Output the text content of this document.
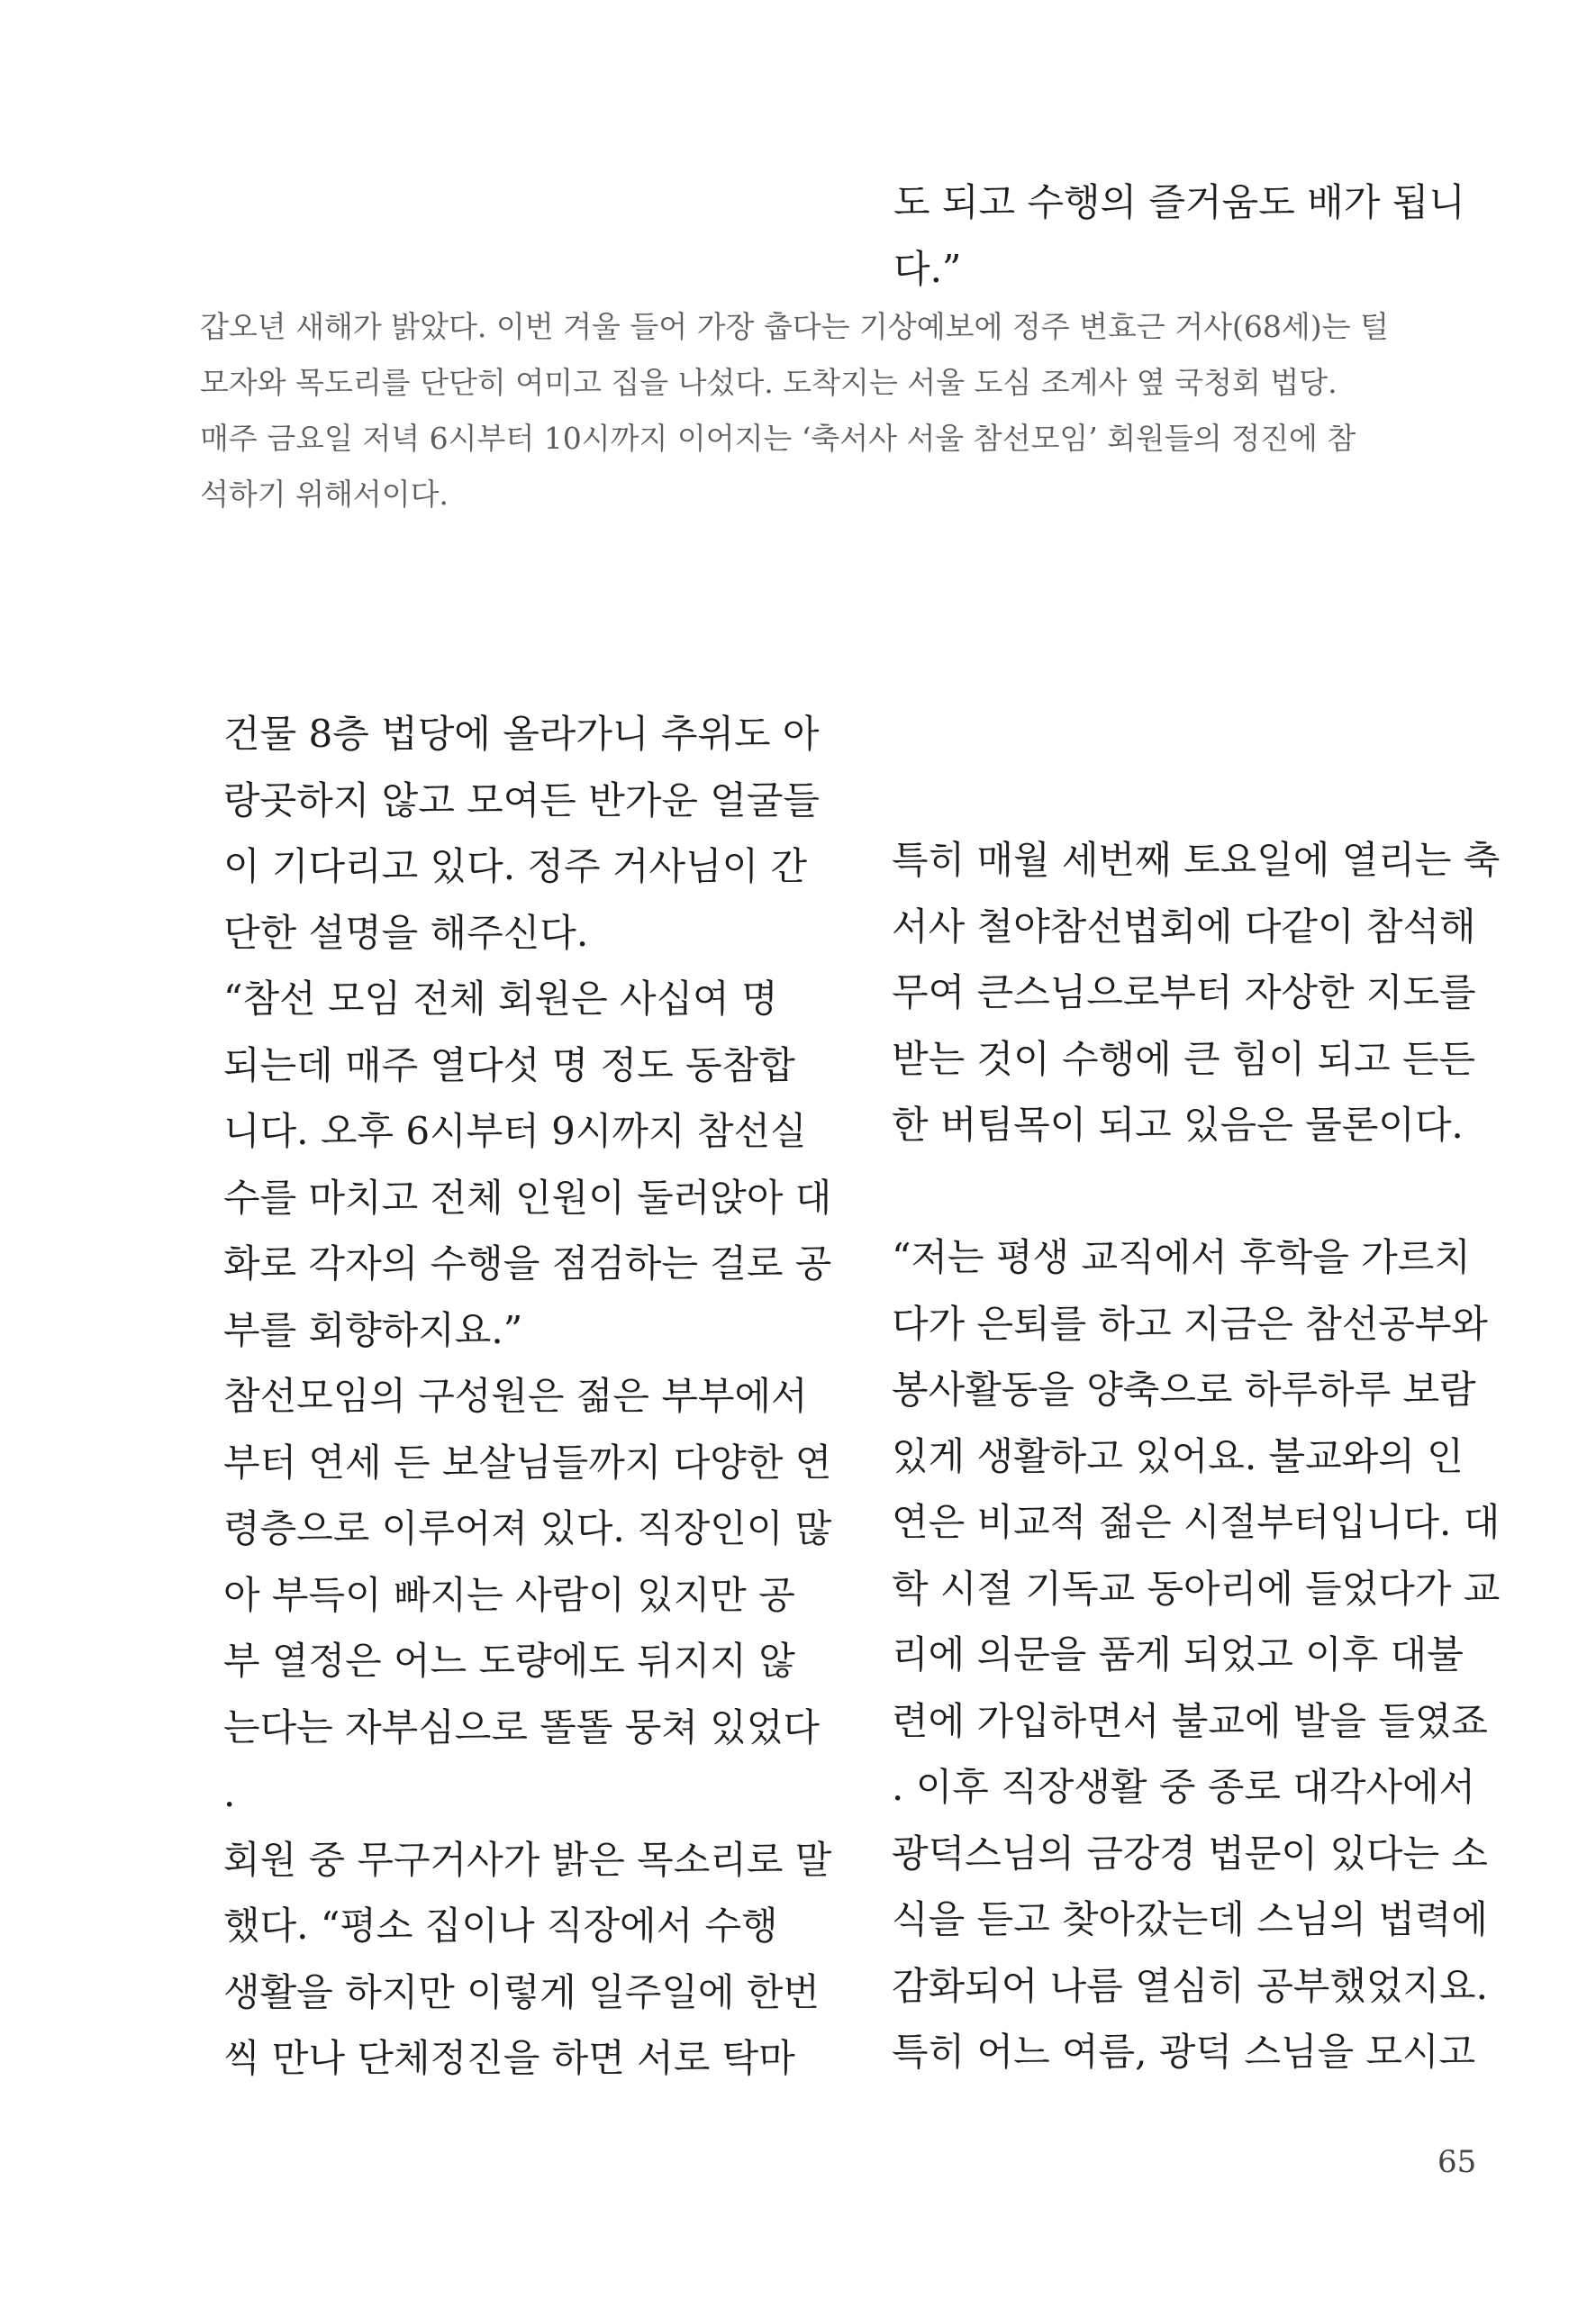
도 되고 수행의 즐거움도 배가 됩니
다.”
갑오년 새해가 밝았다. 이번 겨울 들어 가장 춥다는 기상예보에 정주 변효근 거사(68세)는 털
모자와 목도리를 단단히 여미고 집을 나섰다. 도착지는 서울 도심 조계사 옆 국청회 법당.
매주 금요일 저녁 6시부터 10시까지 이어지는 ‘축서사 서울 참선모임’ 회원들의 정진에 참
석하기 위해서이다.
건물 8층 법당에 올라가니 추위도 아
랑곳하지 않고 모여든 반가운 얼굴들
이 기다리고 있다. 정주 거사님이 간
단한 설명을 해주신다.
“참선 모임 전체 회원은 사십여 명
되는데 매주 열다섯 명 정도 동참합
니다. 오후 6시부터 9시까지 참선실
수를 마치고 전체 인원이 둘러앉아 대
화로 각자의 수행을 점검하는 걸로 공
부를 회향하지요.”
참선모임의 구성원은 젊은 부부에서
부터 연세 든 보살님들까지 다양한 연
령층으로 이루어져 있다. 직장인이 많
아 부득이 빠지는 사람이 있지만 공
부 열정은 어느 도량에도 뒤지지 않
는다는 자부심으로 똘똘 뭉쳐 있었다
.
회원 중 무구거사가 밝은 목소리로 말
했다. “평소 집이나 직장에서 수행
생활을 하지만 이렇게 일주일에 한번
씩 만나 단체정진을 하면 서로 탁마
특히 매월 세번째 토요일에 열리는 축
서사 철야참선법회에 다같이 참석해
무여 큰스님으로부터 자상한 지도를
받는 것이 수행에 큰 힘이 되고 든든
한 버팀목이 되고 있음은 물론이다.
“저는 평생 교직에서 후학을 가르치
다가 은퇴를 하고 지금은 참선공부와
봉사활동을 양축으로 하루하루 보람
있게 생활하고 있어요. 불교와의 인
연은 비교적 젊은 시절부터입니다. 대
학 시절 기독교 동아리에 들었다가 교
리에 의문을 품게 되었고 이후 대불
련에 가입하면서 불교에 발을 들였죠
. 이후 직장생활 중 종로 대각사에서
광덕스님의 금강경 법문이 있다는 소
식을 듣고 찾아갔는데 스님의 법력에
감화되어 나름 열심히 공부했었지요.
특히 어느 여름, 광덕 스님을 모시고
65
